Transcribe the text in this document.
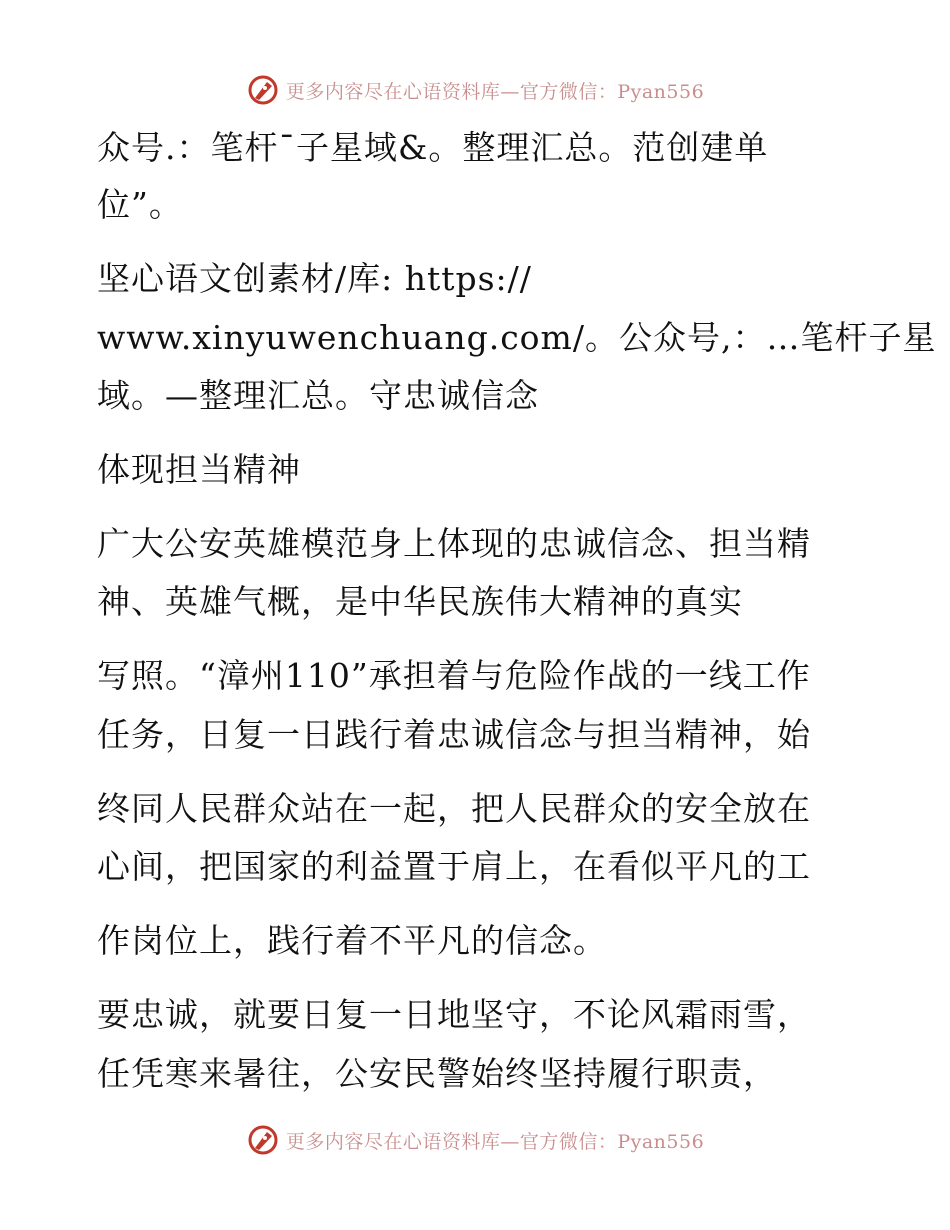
更多内容尽在心语资料库—官方微信：Pyan556
众号.：笔杆¯子星域&。整理汇总。范创建单
位”。
坚心语文创素材/库: https://
www.xinyuwenchuang.com/。公众号,：…笔杆子星
域。—整理汇总。守忠诚信念
体现担当精神
广大公安英雄模范身上体现的忠诚信念、担当精
神、英雄气概，是中华民族伟大精神的真实
写照。“漳州110”承担着与危险作战的一线工作
任务，日复一日践行着忠诚信念与担当精神，始
终同人民群众站在一起，把人民群众的安全放在
心间，把国家的利益置于肩上，在看似平凡的工
作岗位上，践行着不平凡的信念。
要忠诚，就要日复一日地坚守，不论风霜雨雪，
任凭寒来暑往，公安民警始终坚持履行职责，
更多内容尽在心语资料库—官方微信：Pyan556
